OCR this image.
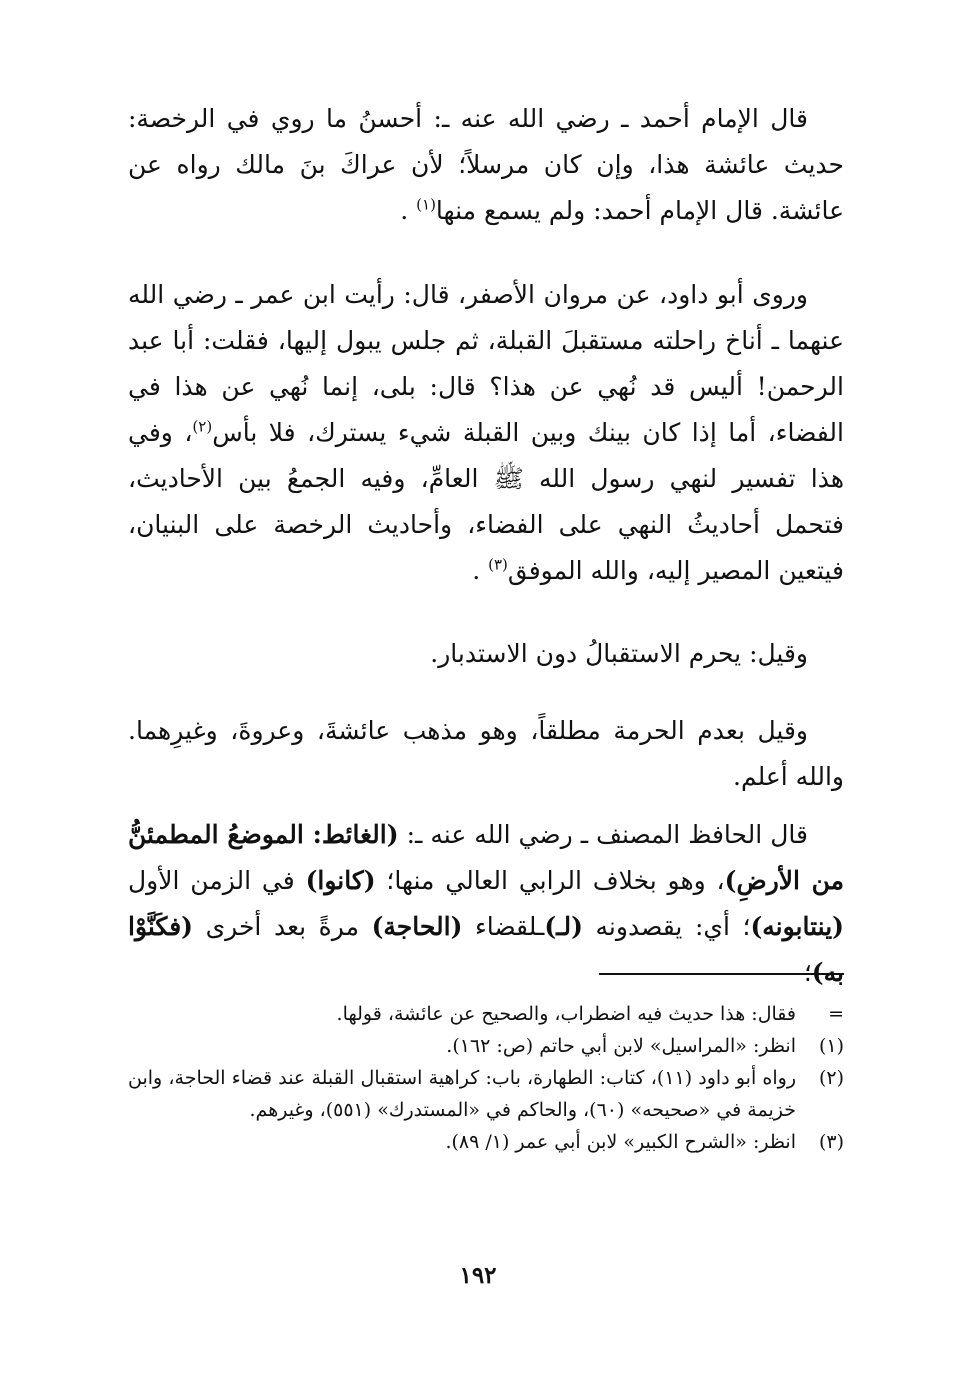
قال الإمام أحمد ـ رضي الله عنه ـ: أحسنُ ما روي في الرخصة: حديث عائشة هذا، وإن كان مرسلاً؛ لأن عراكَ بنَ مالك رواه عن عائشة. قال الإمام أحمد: ولم يسمع منها$^{(١)}$ .

وروى أبو داود، عن مروان الأصفر، قال: رأيت ابن عمر ـ رضي الله عنهما ـ أناخ راحلته مستقبلَ القبلة، ثم جلس يبول إليها، فقلت: أبا عبد الرحمن! أليس قد نُهي عن هذا؟ قال: بلى، إنما نُهي عن هذا في الفضاء، أما إذا كان بينك وبين القبلة شيء يسترك، فلا بأس$^{(٢)}$، وفي هذا تفسير لنهي رسول الله ﷺ العامِّ، وفيه الجمعُ بين الأحاديث، فتحمل أحاديثُ النهي على الفضاء، وأحاديث الرخصة على البنيان، فيتعين المصير إليه، والله الموفق$^{(٣)}$ .

وقيل: يحرم الاستقبالُ دون الاستدبار.

وقيل بعدم الحرمة مطلقاً، وهو مذهب عائشةَ، وعروةَ، وغيرِهما. والله أعلم.

قال الحافظ المصنف ـ رضي الله عنه ـ: (الغائط: الموضعُ المطمئنُّ من الأرضِ)، وهو بخلاف الرابي العالي منها؛ (كانوا) في الزمن الأول (ينتابونه)؛ أي: يقصدونه (لـ)ـلقضاء (الحاجة) مرةً بعد أخرى (فكَنَّوْا به)؛

=
فقال: هذا حديث فيه اضطراب، والصحيح عن عائشة، قولها.
(١)
انظر: «المراسيل» لابن أبي حاتم (ص: ١٦٢).
(٢)
رواه أبو داود (١١)، كتاب: الطهارة، باب: كراهية استقبال القبلة عند قضاء الحاجة، وابن خزيمة في «صحيحه» (٦٠)، والحاكم في «المستدرك» (٥٥١)، وغيرهم.
(٣)
انظر: «الشرح الكبير» لابن أبي عمر (١/ ٨٩).
١٩٢
